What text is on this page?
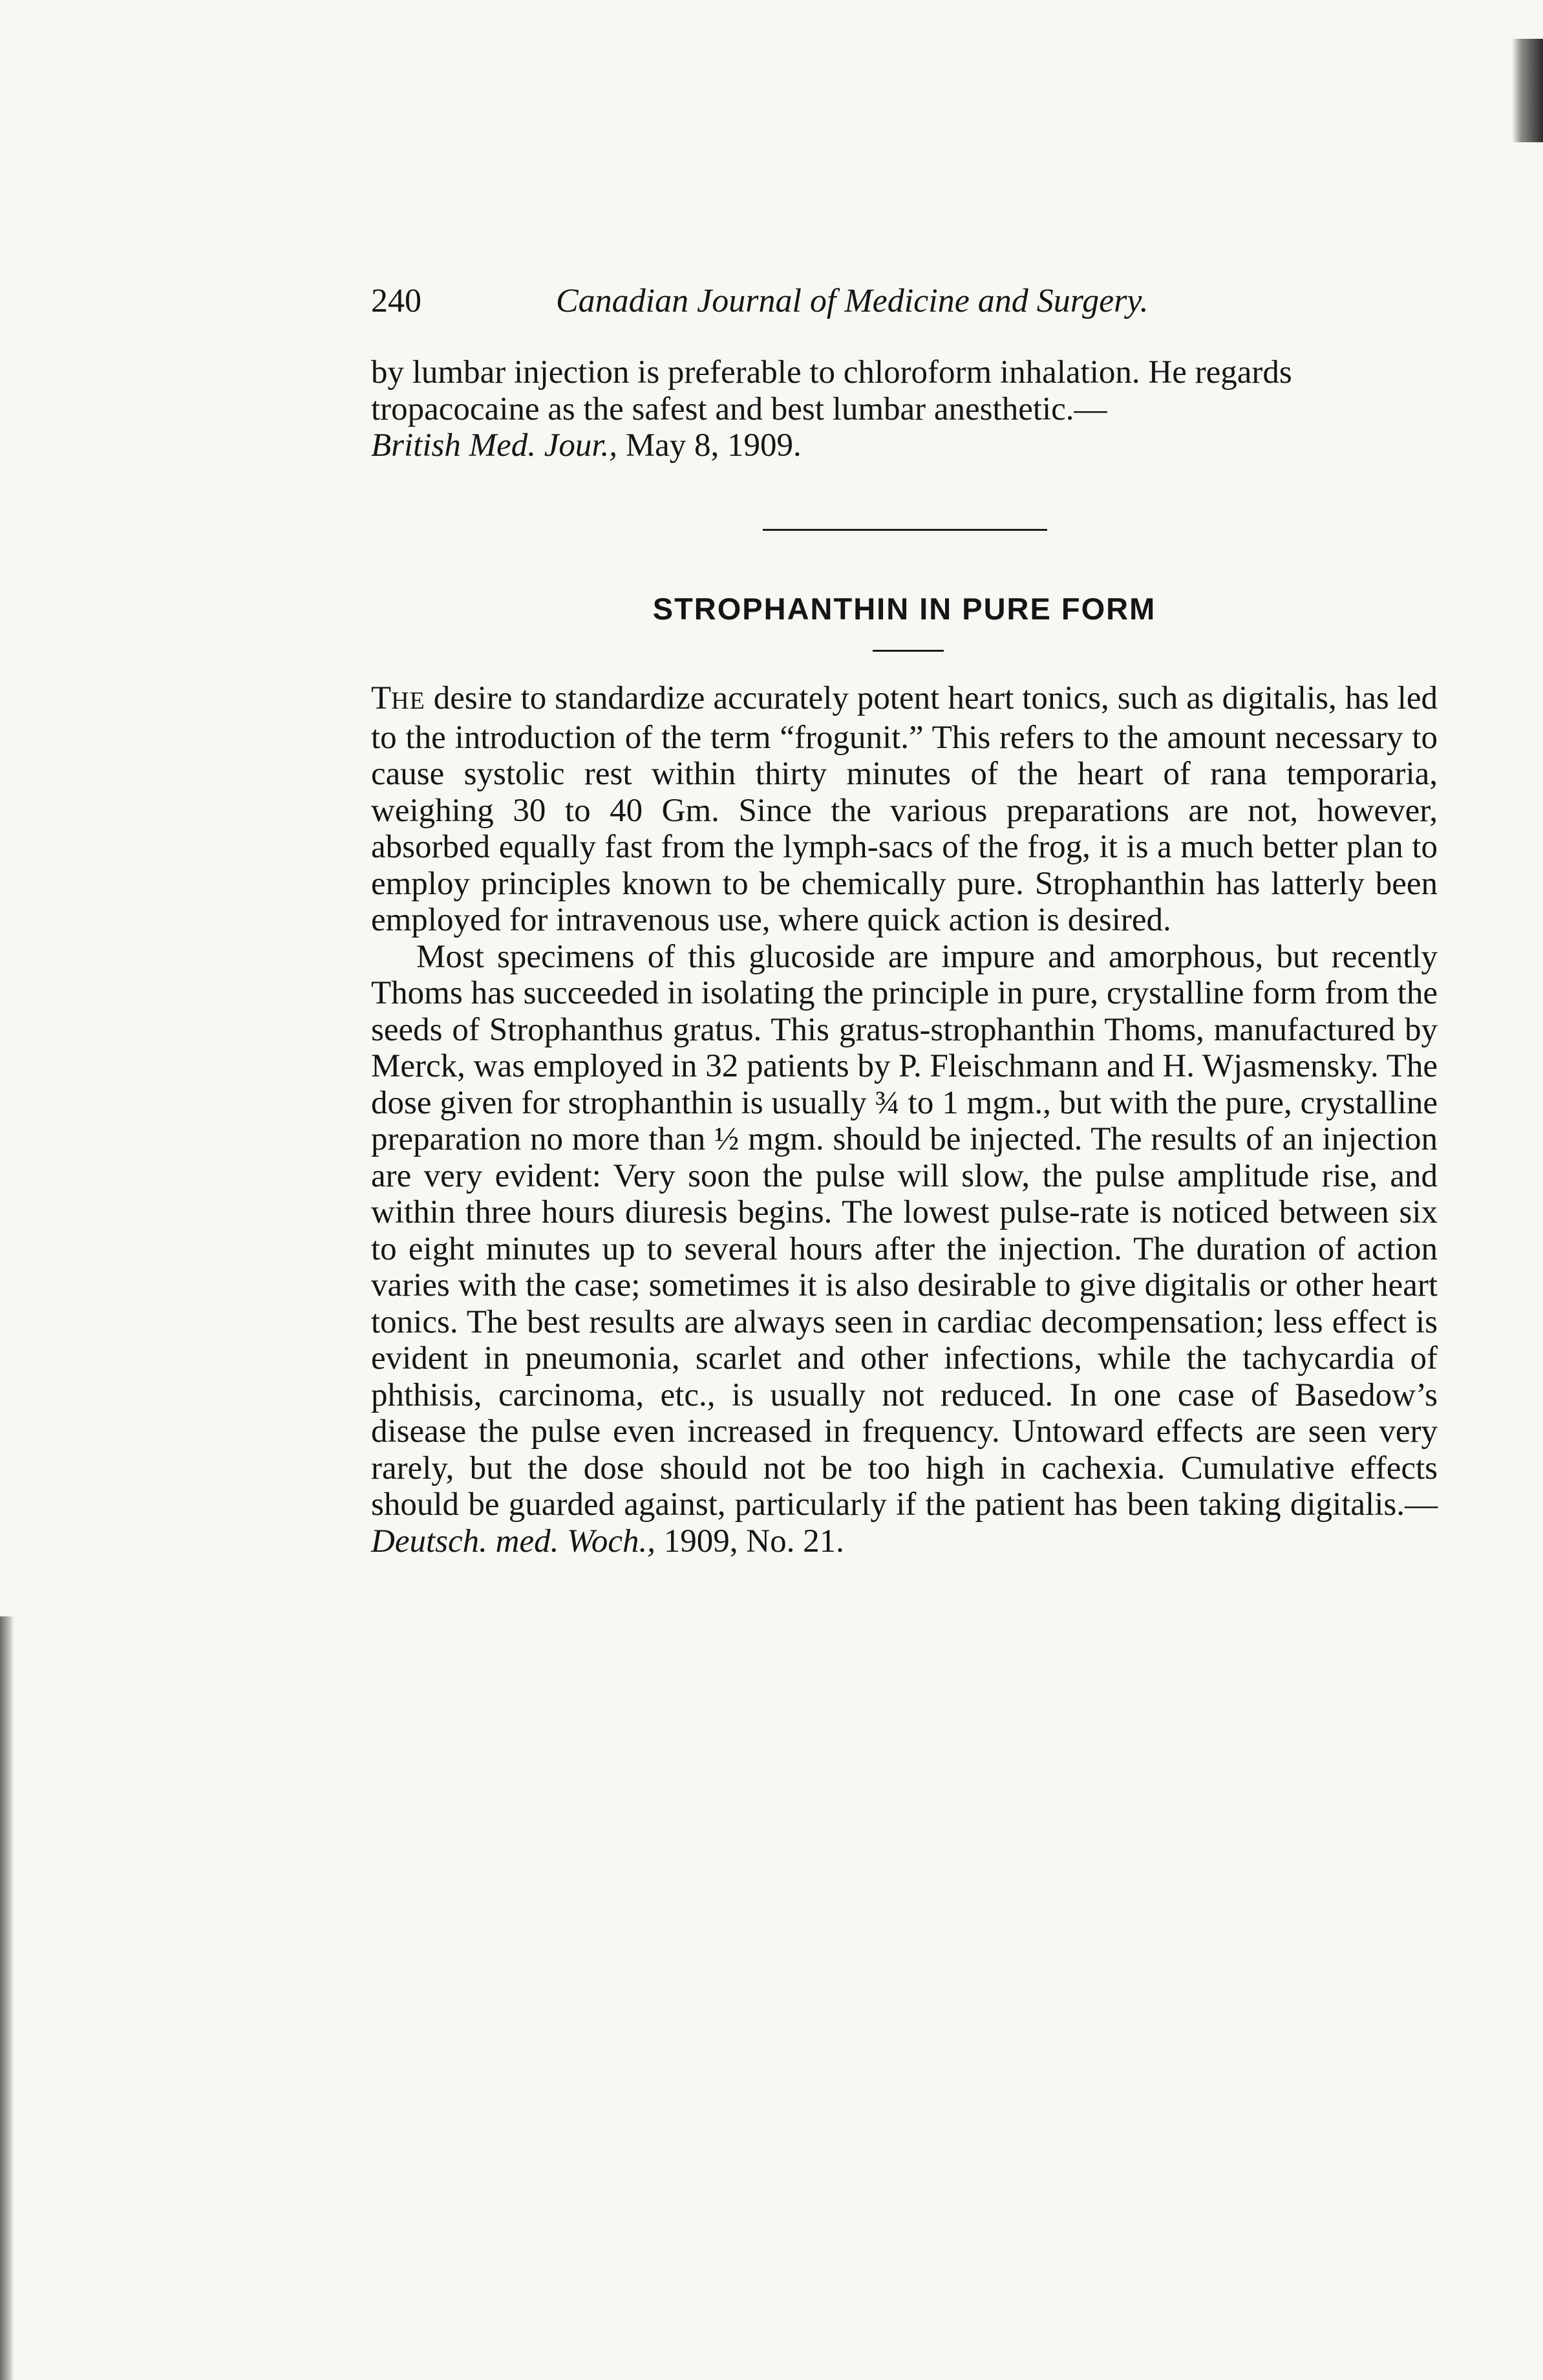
240	Canadian Journal of Medicine and Surgery.

by lumbar injection is preferable to chloroform inhalation. He regards tropacocaine as the safest and best lumbar anesthetic.—
British Med. Jour., May 8, 1909.

STROPHANTHIN IN PURE FORM

THE desire to standardize accurately potent heart tonics, such as digitalis, has led to the introduction of the term “frogunit.” This refers to the amount necessary to cause systolic rest within thirty minutes of the heart of rana temporaria, weighing 30 to 40 Gm. Since the various preparations are not, however, absorbed equally fast from the lymph-sacs of the frog, it is a much better plan to employ principles known to be chemically pure. Strophanthin has latterly been employed for intravenous use, where quick action is desired.

Most specimens of this glucoside are impure and amorphous, but recently Thoms has succeeded in isolating the principle in pure, crystalline form from the seeds of Strophanthus gratus. This gratus-strophanthin Thoms, manufactured by Merck, was employed in 32 patients by P. Fleischmann and H. Wjasmensky. The dose given for strophanthin is usually ¾ to 1 mgm., but with the pure, crystalline preparation no more than ½ mgm. should be injected. The results of an injection are very evident: Very soon the pulse will slow, the pulse amplitude rise, and within three hours diuresis begins. The lowest pulse-rate is noticed between six to eight minutes up to several hours after the injection. The duration of action varies with the case; sometimes it is also desirable to give digitalis or other heart tonics. The best results are always seen in cardiac decompensation; less effect is evident in pneumonia, scarlet and other infections, while the tachycardia of phthisis, carcinoma, etc., is usually not reduced. In one case of Basedow’s disease the pulse even increased in frequency. Untoward effects are seen very rarely, but the dose should not be too high in cachexia. Cumulative effects should be guarded against, particularly if the patient has been taking digitalis.—Deutsch. med. Woch., 1909, No. 21.
